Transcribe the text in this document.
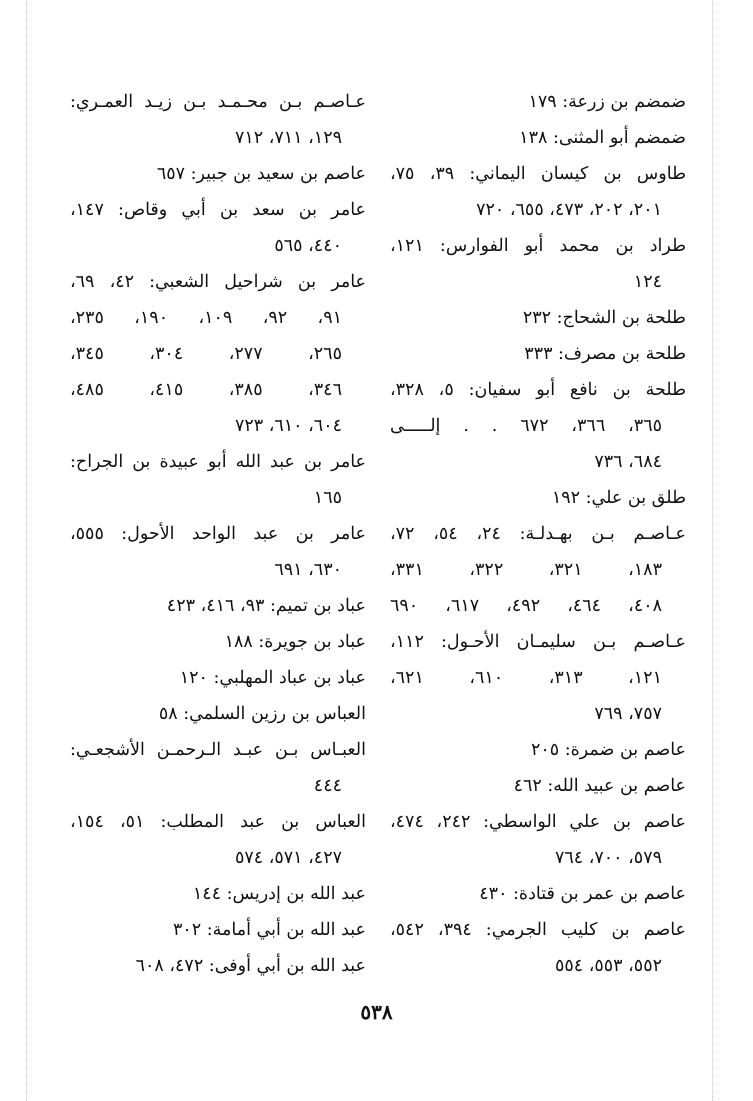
ضمضم بن زرعة: ١٧٩
ضمضم أبو المثنى: ١٣٨
طاوس بن كيسان اليماني: ٣٩، ٧٥،
٢٠١، ٢٠٢، ٤٧٣، ٦٥٥، ٧٢٠
طراد بن محمد أبو الفوارس: ١٢١،
١٢٤
طلحة بن الشحاج: ٢٣٢
طلحة بن مصرف: ٣٣٣
طلحة بن نافع أبو سفيان: ٥، ٣٢٨،
٣٦٥، ٣٦٦، ٦٧٢ . . إلـــــى
٦٨٤، ٧٣٦
طلق بن علي: ١٩٢
عـاصـم بـن بهـدلـة: ٢٤، ٥٤، ٧٢،
١٨٣، ٣٢١، ٣٢٢، ٣٣١،
٤٠٨، ٤٦٤، ٤٩٢، ٦١٧، ٦٩٠
عـاصـم بـن سليمـان الأحـول: ١١٢،
١٢١، ٣١٣، ٦١٠، ٦٢١،
٧٥٧، ٧٦٩
عاصم بن ضمرة: ٢٠٥
عاصم بن عبيد الله: ٤٦٢
عاصم بن علي الواسطي: ٢٤٢، ٤٧٤،
٥٧٩، ٧٠٠، ٧٦٤
عاصم بن عمر بن قتادة: ٤٣٠
عاصم بن كليب الجرمي: ٣٩٤، ٥٤٢،
٥٥٢، ٥٥٣، ٥٥٤
عـاصـم بـن محـمـد بـن زيـد العمـري:
١٢٩، ٧١١، ٧١٢
عاصم بن سعيد بن جبير: ٦٥٧
عامر بن سعد بن أبي وقاص: ١٤٧،
٤٤٠، ٥٦٥
عامر بن شراحيل الشعبي: ٤٢، ٦٩،
٩١، ٩٢، ١٠٩، ١٩٠، ٢٣٥،
٢٦٥، ٢٧٧، ٣٠٤، ٣٤٥،
٣٤٦، ٣٨٥، ٤١٥، ٤٨٥،
٦٠٤، ٦١٠، ٧٢٣
عامر بن عبد الله أبو عبيدة بن الجراح:
١٦٥
عامر بن عبد الواحد الأحول: ٥٥٥،
٦٣٠، ٦٩١
عباد بن تميم: ٩٣، ٤١٦، ٤٢٣
عباد بن جويرة: ١٨٨
عباد بن عباد المهلبي: ١٢٠
العباس بن رزين السلمي: ٥٨
العبـاس بـن عبـد الـرحمـن الأشجعـي:
٤٤٤
العباس بن عبد المطلب: ٥١، ١٥٤،
٤٢٧، ٥٧١، ٥٧٤
عبد الله بن إدريس: ١٤٤
عبد الله بن أبي أمامة: ٣٠٢
عبد الله بن أبي أوفى: ٤٧٢، ٦٠٨
٥٣٨
